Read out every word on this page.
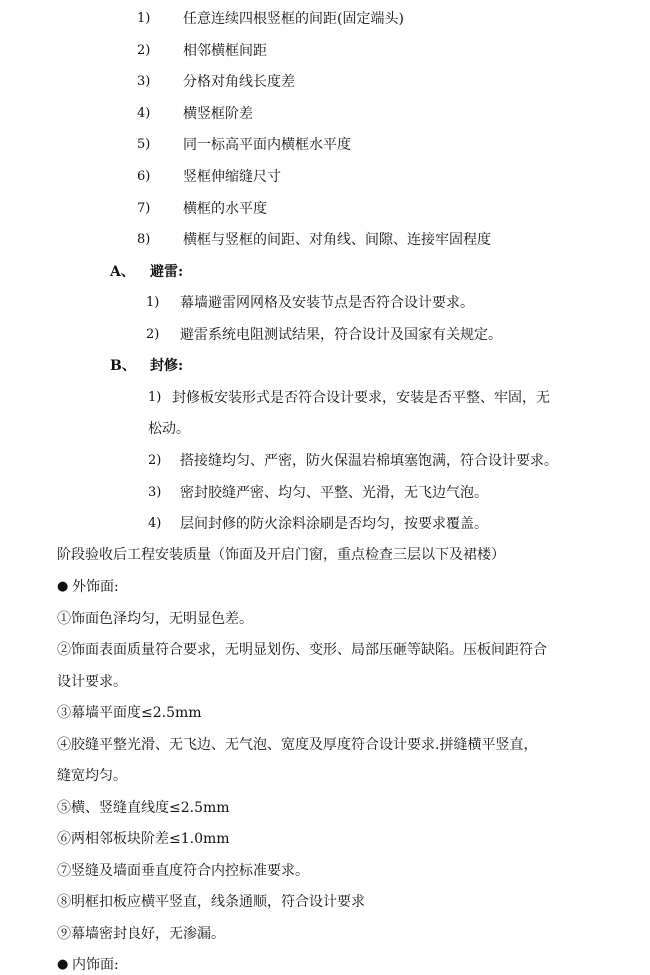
1) 任意连续四根竖框的间距(固定端头)
2) 相邻横框间距
3) 分格对角线长度差
4) 横竖框阶差
5) 同一标高平面内横框水平度
6) 竖框伸缩缝尺寸
7) 横框的水平度
8) 横框与竖框的间距、对角线、间隙、连接牢固程度
A、 避雷:
1) 幕墙避雷网网格及安装节点是否符合设计要求。
2) 避雷系统电阻测试结果，符合设计及国家有关规定。
B、 封修:
1) 封修板安装形式是否符合设计要求，安装是否平整、牢固，无
松动。
2) 搭接缝均匀、严密，防火保温岩棉填塞饱满，符合设计要求。
3) 密封胶缝严密、均匀、平整、光滑，无飞边气泡。
4) 层间封修的防火涂料涂刷是否均匀，按要求覆盖。
阶段验收后工程安装质量（饰面及开启门窗，重点检查三层以下及裙楼）
● 外饰面:
①饰面色泽均匀，无明显色差。
②饰面表面质量符合要求，无明显划伤、变形、局部压砸等缺陷。压板间距符合
设计要求。
③幕墙平面度≤2.5mm
④胶缝平整光滑、无飞边、无气泡、宽度及厚度符合设计要求.拼缝横平竖直，
缝宽均匀。
⑤横、竖缝直线度≤2.5mm
⑥两相邻板块阶差≤1.0mm
⑦竖缝及墙面垂直度符合内控标准要求。
⑧明框扣板应横平竖直，线条通顺，符合设计要求
⑨幕墙密封良好，无渗漏。
● 内饰面:
